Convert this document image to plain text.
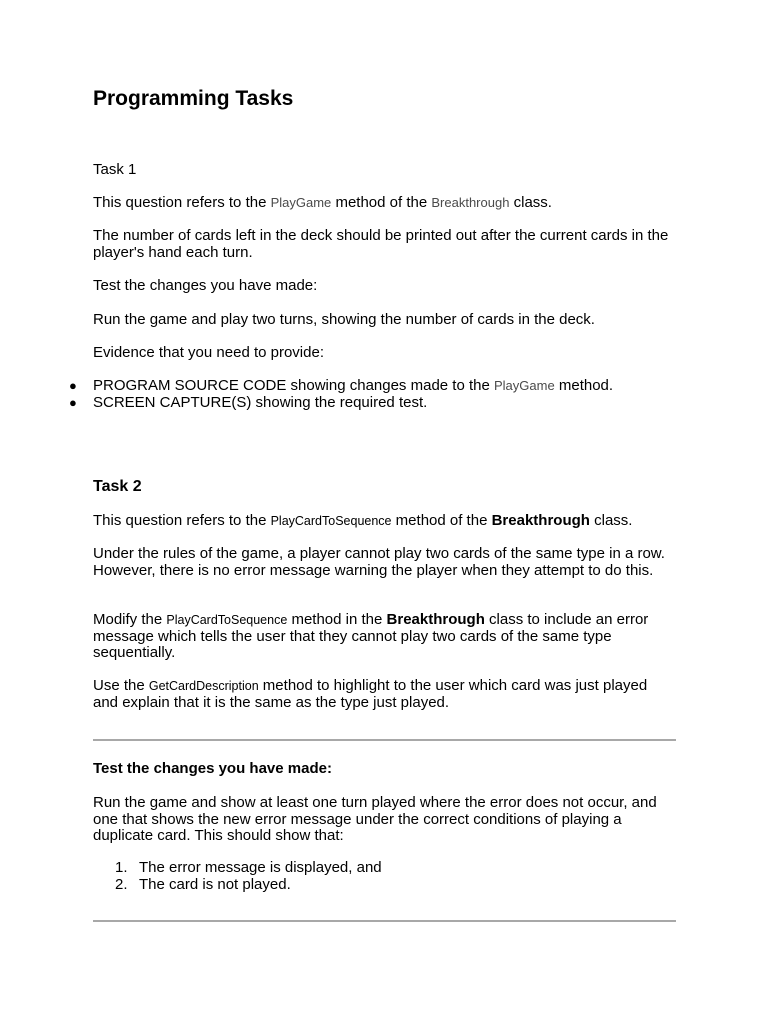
Programming Tasks

Task 1

This question refers to the PlayGame method of the Breakthrough class.

The number of cards left in the deck should be printed out after the current cards in the player's hand each turn.

Test the changes you have made:

Run the game and play two turns, showing the number of cards in the deck.

Evidence that you need to provide:

● PROGRAM SOURCE CODE showing changes made to the PlayGame method.
● SCREEN CAPTURE(S) showing the required test.

Task 2

This question refers to the PlayCardToSequence method of the Breakthrough class.

Under the rules of the game, a player cannot play two cards of the same type in a row. However, there is no error message warning the player when they attempt to do this.

Modify the PlayCardToSequence method in the Breakthrough class to include an error message which tells the user that they cannot play two cards of the same type sequentially.

Use the GetCardDescription method to highlight to the user which card was just played and explain that it is the same as the type just played.

Test the changes you have made:

Run the game and show at least one turn played where the error does not occur, and one that shows the new error message under the correct conditions of playing a duplicate card. This should show that:

1. The error message is displayed, and
2. The card is not played.
